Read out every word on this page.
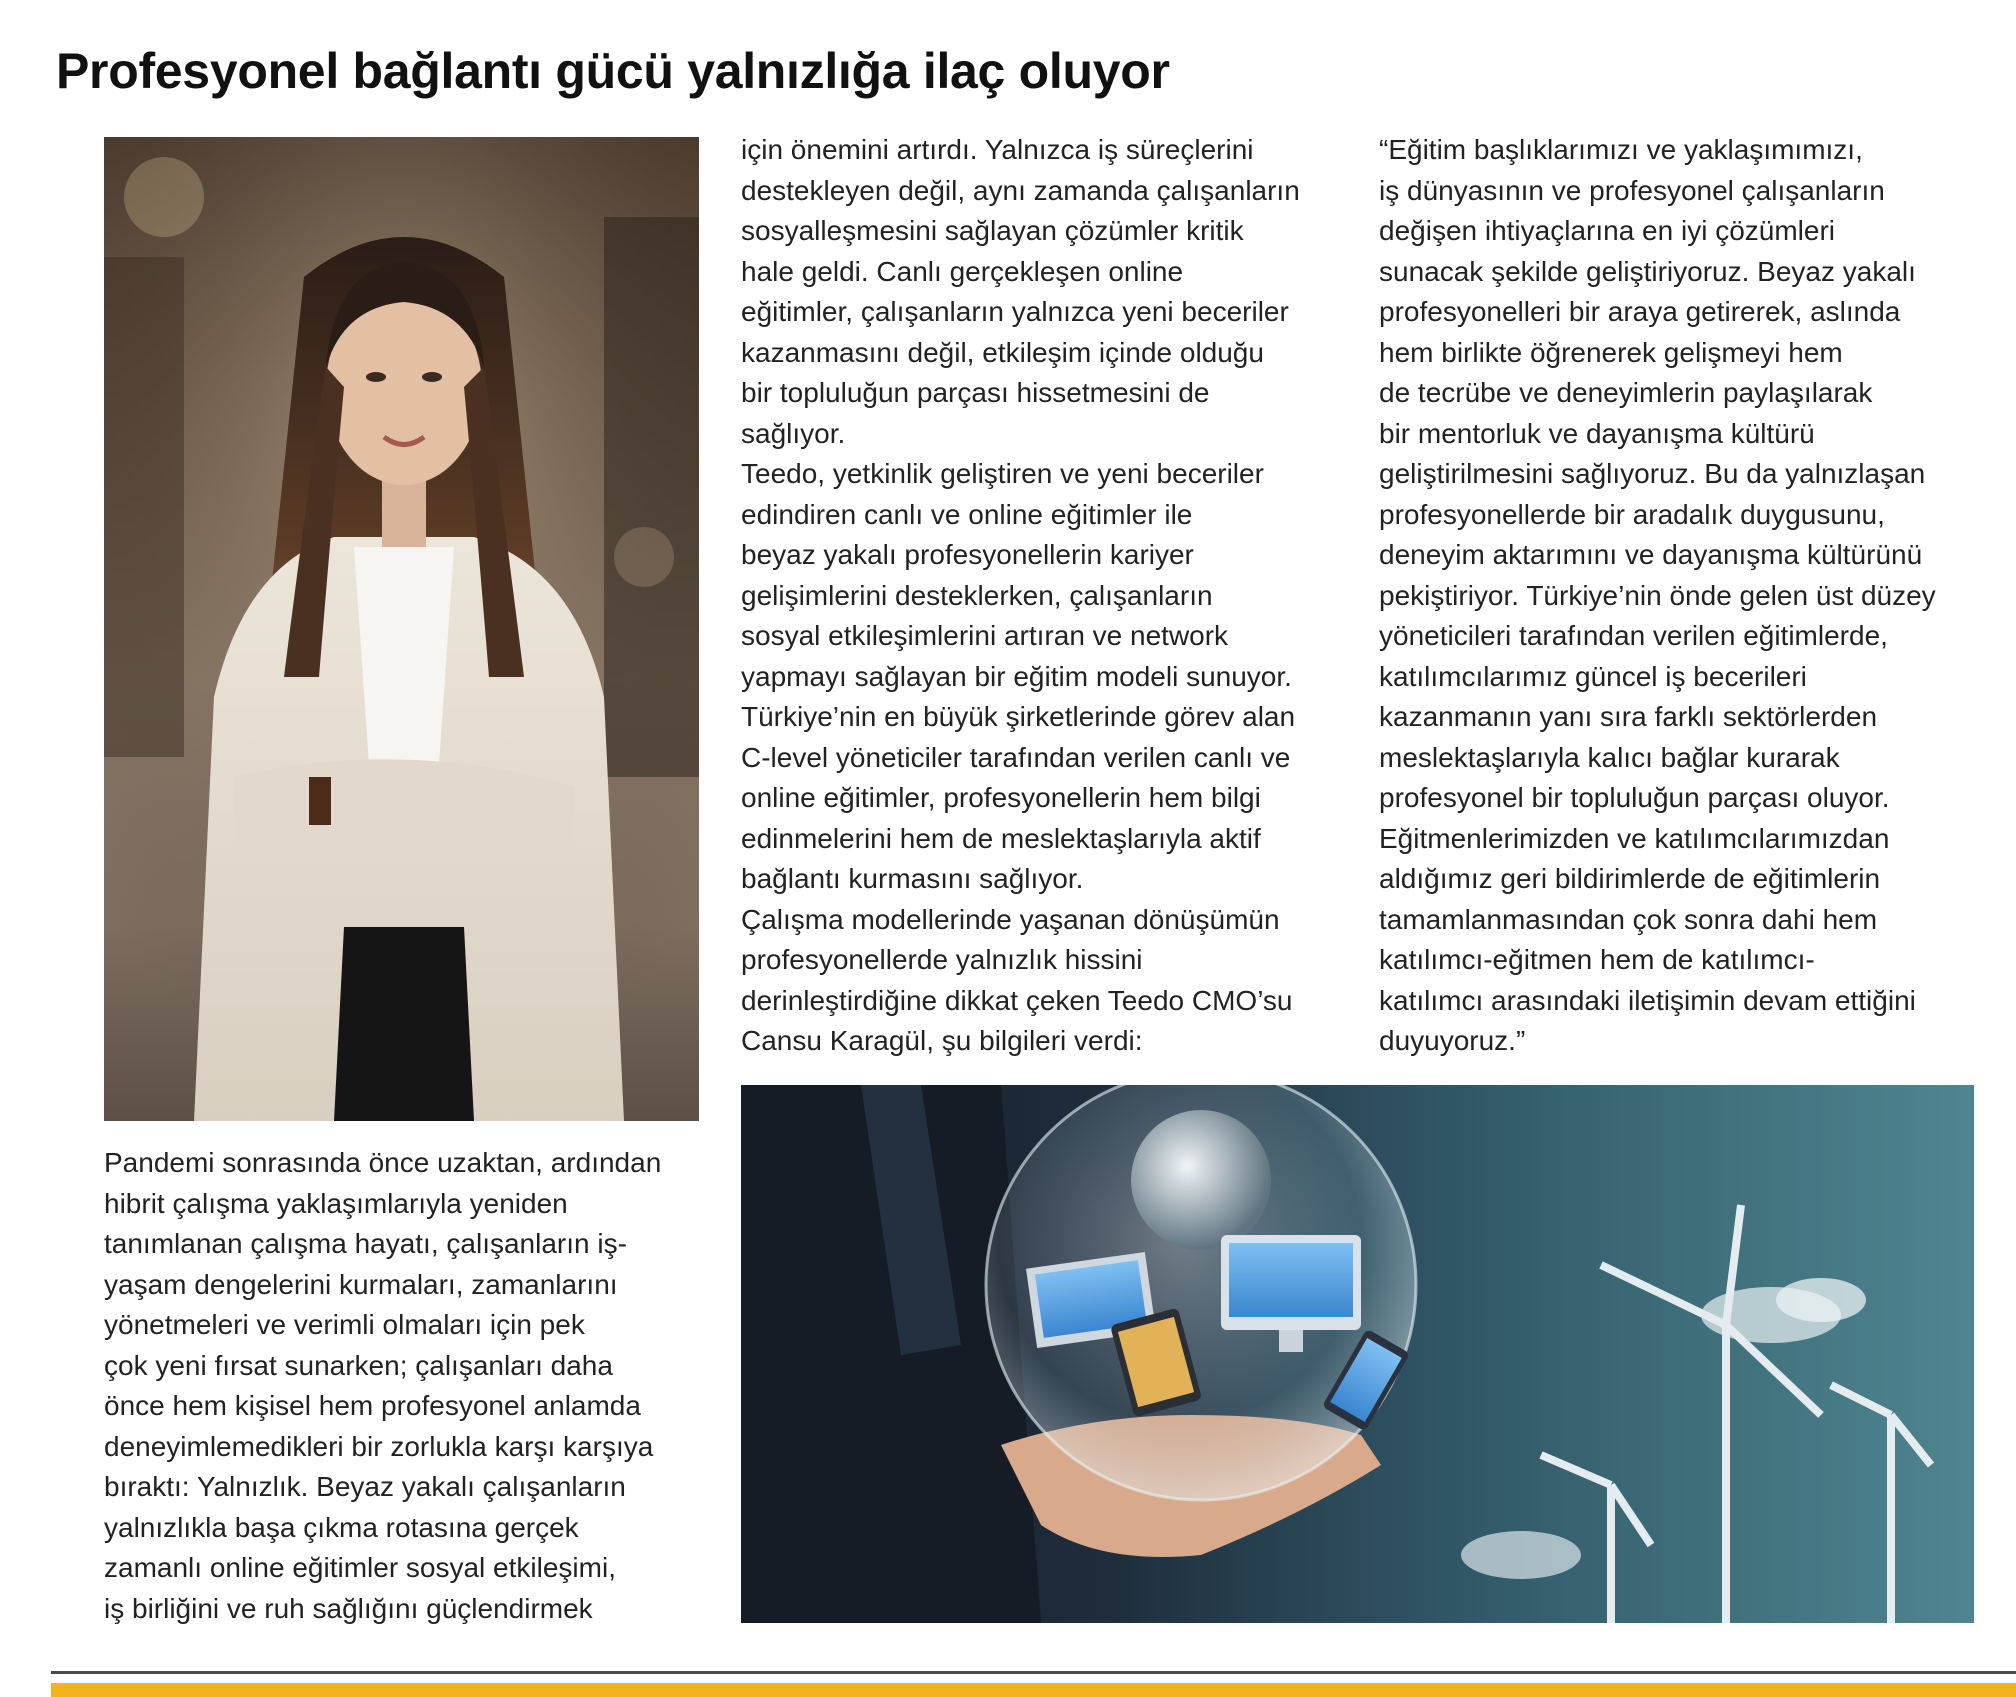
Profesyonel bağlantı gücü yalnızlığa ilaç oluyor

Pandemi sonrasında önce uzaktan, ardından
hibrit çalışma yaklaşımlarıyla yeniden
tanımlanan çalışma hayatı, çalışanların iş-
yaşam dengelerini kurmaları, zamanlarını
yönetmeleri ve verimli olmaları için pek
çok yeni fırsat sunarken; çalışanları daha
önce hem kişisel hem profesyonel anlamda
deneyimlemedikleri bir zorlukla karşı karşıya
bıraktı: Yalnızlık. Beyaz yakalı çalışanların
yalnızlıkla başa çıkma rotasına gerçek
zamanlı online eğitimler sosyal etkileşimi,
iş birliğini ve ruh sağlığını güçlendirmek

için önemini artırdı. Yalnızca iş süreçlerini
destekleyen değil, aynı zamanda çalışanların
sosyalleşmesini sağlayan çözümler kritik
hale geldi. Canlı gerçekleşen online
eğitimler, çalışanların yalnızca yeni beceriler
kazanmasını değil, etkileşim içinde olduğu
bir topluluğun parçası hissetmesini de
sağlıyor.

Teedo, yetkinlik geliştiren ve yeni beceriler
edindiren canlı ve online eğitimler ile
beyaz yakalı profesyonellerin kariyer
gelişimlerini desteklerken, çalışanların
sosyal etkileşimlerini artıran ve network
yapmayı sağlayan bir eğitim modeli sunuyor.
Türkiye’nin en büyük şirketlerinde görev alan
C-level yöneticiler tarafından verilen canlı ve
online eğitimler, profesyonellerin hem bilgi
edinmelerini hem de meslektaşlarıyla aktif
bağlantı kurmasını sağlıyor.

Çalışma modellerinde yaşanan dönüşümün
profesyonellerde yalnızlık hissini
derinleştirdiğine dikkat çeken Teedo CMO’su
Cansu Karagül, şu bilgileri verdi:

“Eğitim başlıklarımızı ve yaklaşımımızı,
iş dünyasının ve profesyonel çalışanların
değişen ihtiyaçlarına en iyi çözümleri
sunacak şekilde geliştiriyoruz. Beyaz yakalı
profesyonelleri bir araya getirerek, aslında
hem birlikte öğrenerek gelişmeyi hem
de tecrübe ve deneyimlerin paylaşılarak
bir mentorluk ve dayanışma kültürü
geliştirilmesini sağlıyoruz. Bu da yalnızlaşan
profesyonellerde bir aradalık duygusunu,
deneyim aktarımını ve dayanışma kültürünü
pekiştiriyor. Türkiye’nin önde gelen üst düzey
yöneticileri tarafından verilen eğitimlerde,
katılımcılarımız güncel iş becerileri
kazanmanın yanı sıra farklı sektörlerden
meslektaşlarıyla kalıcı bağlar kurarak
profesyonel bir topluluğun parçası oluyor.
Eğitmenlerimizden ve katılımcılarımızdan
aldığımız geri bildirimlerde de eğitimlerin
tamamlanmasından çok sonra dahi hem
katılımcı-eğitmen hem de katılımcı-
katılımcı arasındaki iletişimin devam ettiğini
duyuyoruz.”
